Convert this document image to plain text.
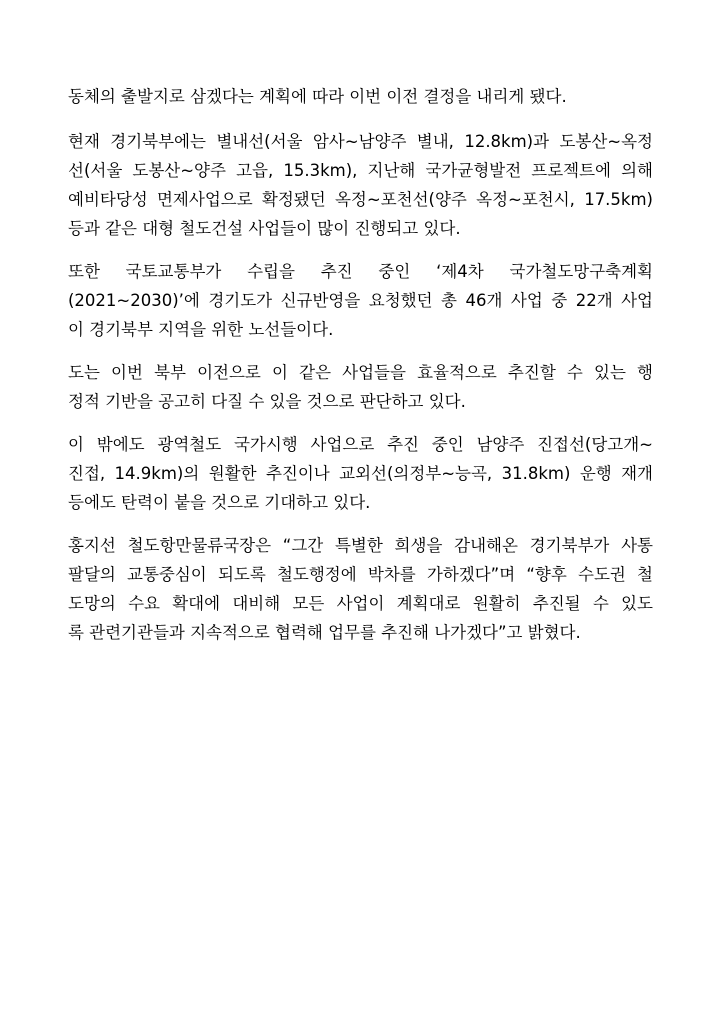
동체의 출발지로 삼겠다는 계획에 따라 이번 이전 결정을 내리게 됐다.
현재 경기북부에는 별내선(서울 암사~남양주 별내, 12.8km)과 도봉산~옥정
선(서울 도봉산~양주 고읍, 15.3km), 지난해 국가균형발전 프로젝트에 의해
예비타당성 면제사업으로 확정됐던 옥정~포천선(양주 옥정~포천시, 17.5km)
등과 같은 대형 철도건설 사업들이 많이 진행되고 있다.
또한 국토교통부가 수립을 추진 중인 ‘제4차 국가철도망구축계획
(2021~2030)’에 경기도가 신규반영을 요청했던 총 46개 사업 중 22개 사업
이 경기북부 지역을 위한 노선들이다.
도는 이번 북부 이전으로 이 같은 사업들을 효율적으로 추진할 수 있는 행
정적 기반을 공고히 다질 수 있을 것으로 판단하고 있다.
이 밖에도 광역철도 국가시행 사업으로 추진 중인 남양주 진접선(당고개~
진접, 14.9km)의 원활한 추진이나 교외선(의정부~능곡, 31.8km) 운행 재개
등에도 탄력이 붙을 것으로 기대하고 있다.
홍지선 철도항만물류국장은 “그간 특별한 희생을 감내해온 경기북부가 사통
팔달의 교통중심이 되도록 철도행정에 박차를 가하겠다”며 “향후 수도권 철
도망의 수요 확대에 대비해 모든 사업이 계획대로 원활히 추진될 수 있도
록 관련기관들과 지속적으로 협력해 업무를 추진해 나가겠다”고 밝혔다.
